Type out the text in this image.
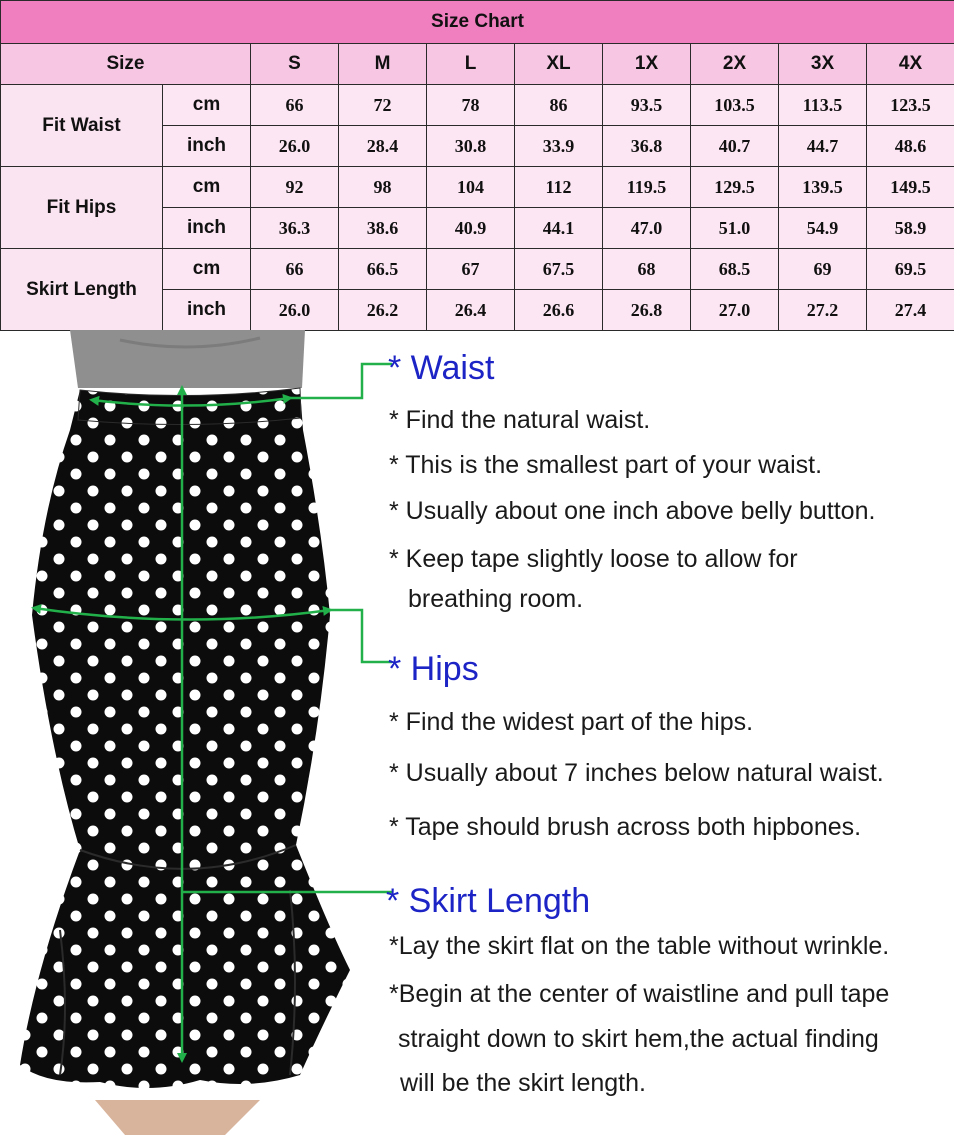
Size Chart									
Size		S	M	L	XL	1X	2X	3X	4X
Fit Waist	cm	66	72	78	86	93.5	103.5	113.5	123.5
	inch	26.0	28.4	30.8	33.9	36.8	40.7	44.7	48.6
Fit Hips	cm	92	98	104	112	119.5	129.5	139.5	149.5
	inch	36.3	38.6	40.9	44.1	47.0	51.0	54.9	58.9
Skirt Length	cm	66	66.5	67	67.5	68	68.5	69	69.5
	inch	26.0	26.2	26.4	26.6	26.8	27.0	27.2	27.4
* Waist
* Find the natural waist.
* This is the smallest part of your waist.
* Usually about one inch above belly button.
* Keep tape slightly loose to allow for
breathing room.
* Hips
* Find the widest part of the hips.
* Usually about 7 inches below natural waist.
* Tape should brush across both hipbones.
* Skirt Length
*Lay the skirt flat on the table without wrinkle.
*Begin at the center of waistline and pull tape
straight down to skirt hem,the actual finding
will be the skirt length.
